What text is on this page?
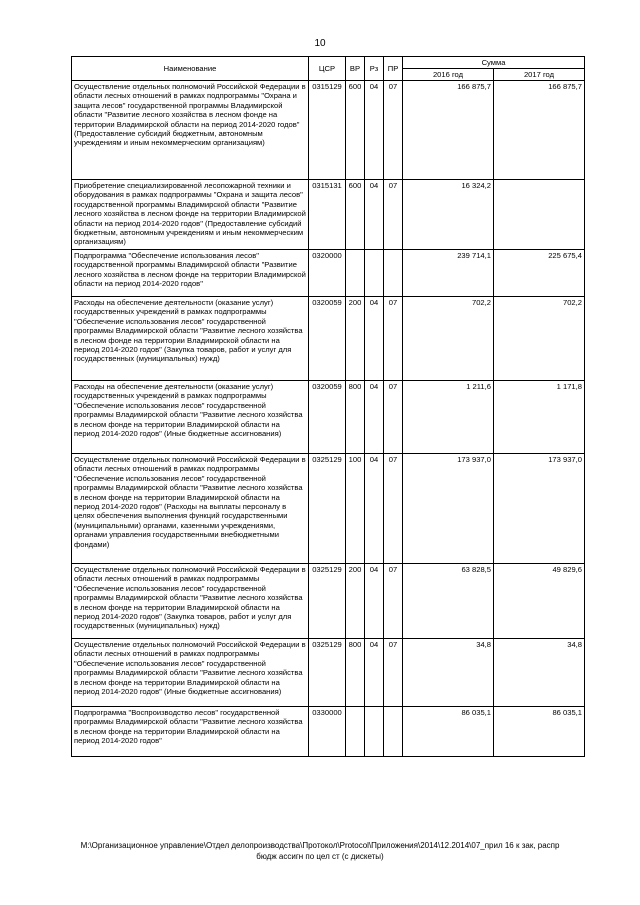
10
Наименование	ЦСР	ВР	Рз	ПР	Сумма	
					2016 год	2017 год
Осуществление отдельных полномочий Российской Федерации в области лесных отношений в рамках подпрограммы "Охрана и защита лесов" государственной программы Владимирской области "Развитие лесного хозяйства в лесном фонде на территории Владимирской области на период 2014-2020 годов" (Предоставление субсидий бюджетным, автономным учреждениям и иным некоммерческим организациям)	0315129	600	04	07	166 875,7	166 875,7
Приобретение специализированной лесопожарной техники и оборудования в рамках подпрограммы "Охрана и защита лесов" государственной программы Владимирской области "Развитие лесного хозяйства в лесном фонде на территории Владимирской области на период 2014-2020 годов" (Предоставление субсидий бюджетным, автономным учреждениям и иным некоммерческим организациям)	0315131	600	04	07	16 324,2	
Подпрограмма "Обеспечение использования лесов" государственной программы Владимирской области "Развитие лесного хозяйства в лесном фонде на территории Владимирской области на период 2014-2020 годов"	0320000				239 714,1	225 675,4
Расходы на обеспечение деятельности (оказание услуг) государственных учреждений в рамках подпрограммы "Обеспечение использования лесов" государственной программы Владимирской области "Развитие лесного хозяйства в лесном фонде на территории Владимирской области на период 2014-2020 годов" (Закупка товаров, работ и услуг для государственных (муниципальных) нужд)	0320059	200	04	07	702,2	702,2
Расходы на обеспечение деятельности (оказание услуг) государственных учреждений в рамках подпрограммы "Обеспечение использования лесов" государственной программы Владимирской области "Развитие лесного хозяйства в лесном фонде на территории Владимирской области на период 2014-2020 годов" (Иные бюджетные ассигнования)	0320059	800	04	07	1 211,6	1 171,8
Осуществление отдельных полномочий Российской Федерации в области лесных отношений в рамках подпрограммы "Обеспечение использования лесов" государственной программы Владимирской области "Развитие лесного хозяйства в лесном фонде на территории Владимирской области на период 2014-2020 годов" (Расходы на выплаты персоналу в целях обеспечения выполнения функций государственными (муниципальными) органами, казенными учреждениями, органами управления государственными внебюджетными фондами)	0325129	100	04	07	173 937,0	173 937,0
Осуществление отдельных полномочий Российской Федерации в области лесных отношений в рамках подпрограммы "Обеспечение использования лесов" государственной программы Владимирской области "Развитие лесного хозяйства в лесном фонде на территории Владимирской области на период 2014-2020 годов" (Закупка товаров, работ и услуг для государственных (муниципальных) нужд)	0325129	200	04	07	63 828,5	49 829,6
Осуществление отдельных полномочий Российской Федерации в области лесных отношений в рамках подпрограммы "Обеспечение использования лесов" государственной программы Владимирской области "Развитие лесного хозяйства в лесном фонде на территории Владимирской области на период 2014-2020 годов" (Иные бюджетные ассигнования)	0325129	800	04	07	34,8	34,8
Подпрограмма "Воспроизводство лесов" государственной программы Владимирской области "Развитие лесного хозяйства в лесном фонде на территории Владимирской области на период 2014-2020 годов"	0330000				86 035,1	86 035,1
M:\Организационное управление\Отдел делопроизводства\Протокол\Protocol\Приложения\2014\12.2014\07_прил 16 к зак, распр
бюдж ассигн по цел ст (с дискеты)
